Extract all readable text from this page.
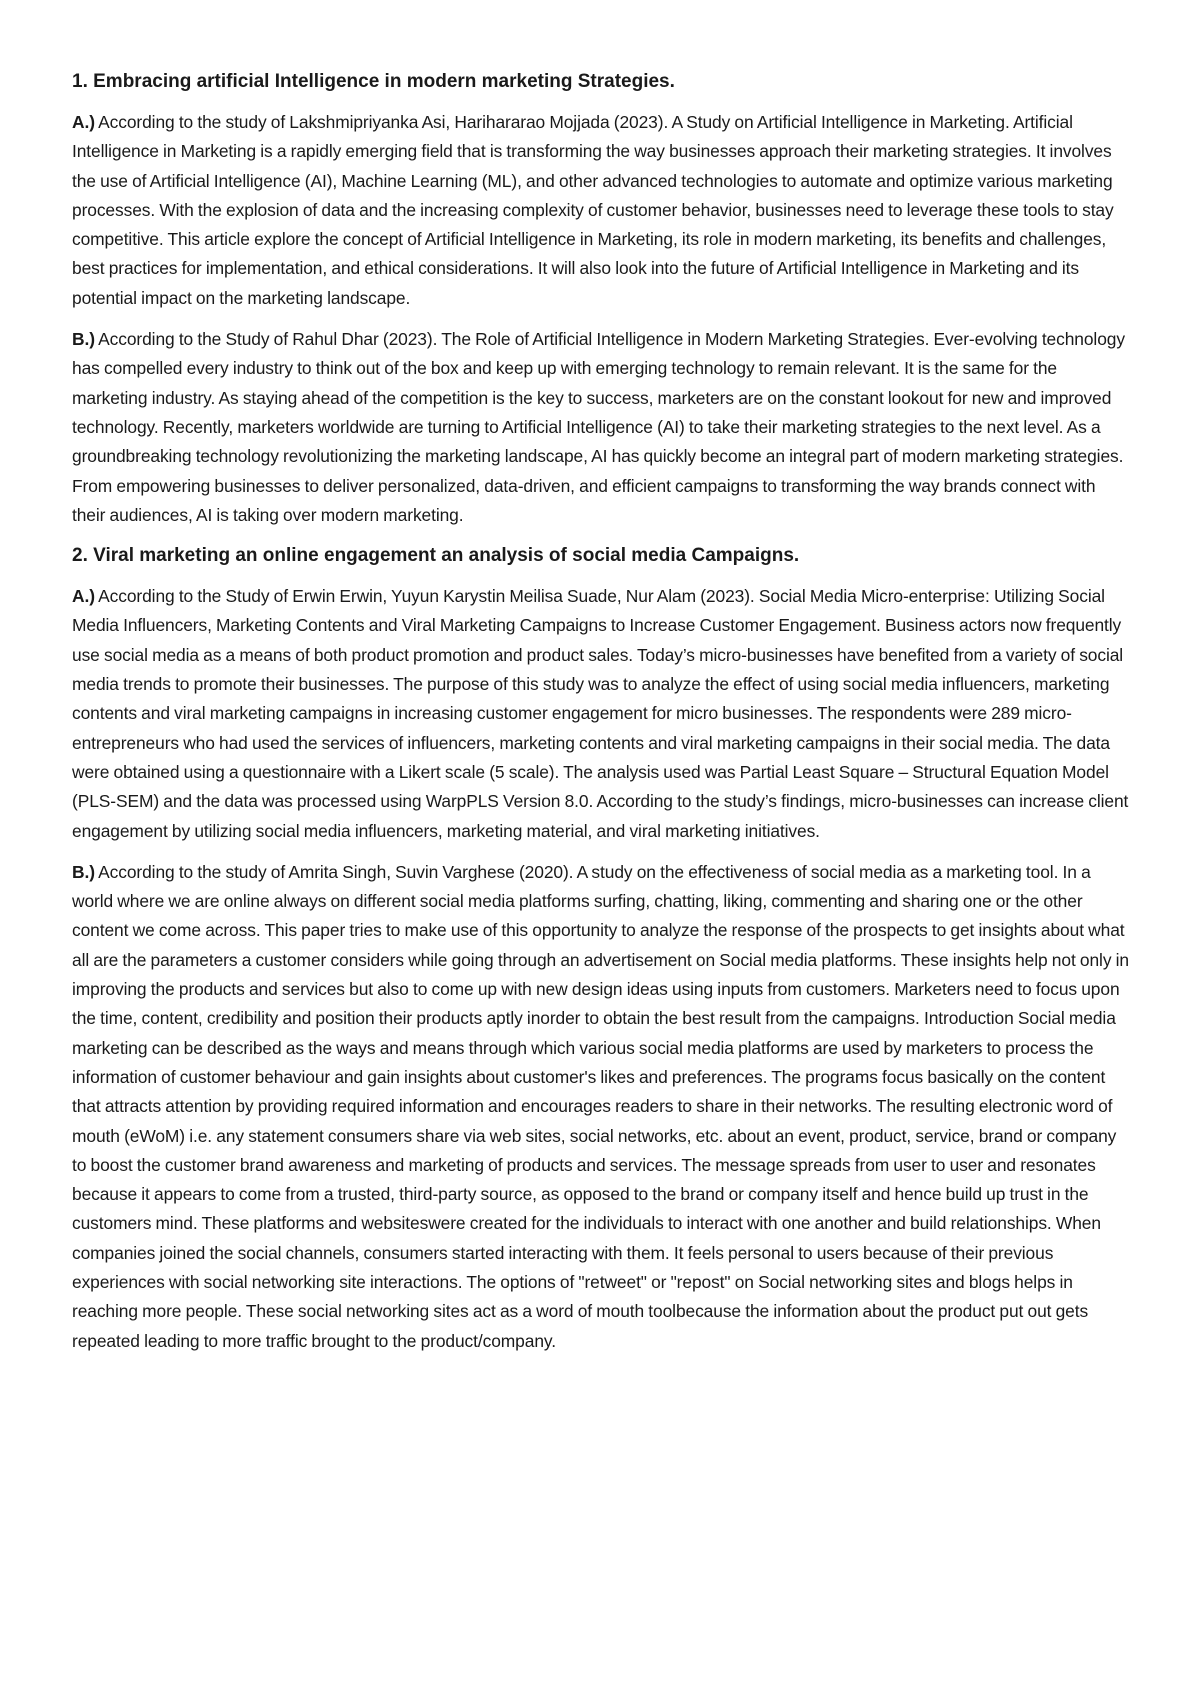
1. Embracing artificial Intelligence in modern marketing Strategies.

A.) According to the study of Lakshmipriyanka Asi, Harihararao Mojjada (2023). A Study on Artificial Intelligence in Marketing. Artificial Intelligence in Marketing is a rapidly emerging field that is transforming the way businesses approach their marketing strategies. It involves the use of Artificial Intelligence (AI), Machine Learning (ML), and other advanced technologies to automate and optimize various marketing processes. With the explosion of data and the increasing complexity of customer behavior, businesses need to leverage these tools to stay competitive. This article explore the concept of Artificial Intelligence in Marketing, its role in modern marketing, its benefits and challenges, best practices for implementation, and ethical considerations. It will also look into the future of Artificial Intelligence in Marketing and its potential impact on the marketing landscape.

B.) According to the Study of Rahul Dhar (2023). The Role of Artificial Intelligence in Modern Marketing Strategies. Ever-evolving technology has compelled every industry to think out of the box and keep up with emerging technology to remain relevant. It is the same for the marketing industry. As staying ahead of the competition is the key to success, marketers are on the constant lookout for new and improved technology. Recently, marketers worldwide are turning to Artificial Intelligence (AI) to take their marketing strategies to the next level. As a groundbreaking technology revolutionizing the marketing landscape, AI has quickly become an integral part of modern marketing strategies. From empowering businesses to deliver personalized, data-driven, and efficient campaigns to transforming the way brands connect with their audiences, AI is taking over modern marketing.

2. Viral marketing an online engagement an analysis of social media Campaigns.

A.) According to the Study of Erwin Erwin, Yuyun Karystin Meilisa Suade, Nur Alam (2023). Social Media Micro-enterprise: Utilizing Social Media Influencers, Marketing Contents and Viral Marketing Campaigns to Increase Customer Engagement. Business actors now frequently use social media as a means of both product promotion and product sales. Today’s micro-businesses have benefited from a variety of social media trends to promote their businesses. The purpose of this study was to analyze the effect of using social media influencers, marketing contents and viral marketing campaigns in increasing customer engagement for micro businesses. The respondents were 289 micro-entrepreneurs who had used the services of influencers, marketing contents and viral marketing campaigns in their social media. The data were obtained using a questionnaire with a Likert scale (5 scale). The analysis used was Partial Least Square – Structural Equation Model (PLS-SEM) and the data was processed using WarpPLS Version 8.0. According to the study’s findings, micro-businesses can increase client engagement by utilizing social media influencers, marketing material, and viral marketing initiatives.

B.) According to the study of Amrita Singh, Suvin Varghese (2020). A study on the effectiveness of social media as a marketing tool. In a world where we are online always on different social media platforms surfing, chatting, liking, commenting and sharing one or the other content we come across. This paper tries to make use of this opportunity to analyze the response of the prospects to get insights about what all are the parameters a customer considers while going through an advertisement on Social media platforms. These insights help not only in improving the products and services but also to come up with new design ideas using inputs from customers. Marketers need to focus upon the time, content, credibility and position their products aptly inorder to obtain the best result from the campaigns. Introduction Social media marketing can be described as the ways and means through which various social media platforms are used by marketers to process the information of customer behaviour and gain insights about customer's likes and preferences. The programs focus basically on the content that attracts attention by providing required information and encourages readers to share in their networks. The resulting electronic word of mouth (eWoM) i.e. any statement consumers share via web sites, social networks, etc. about an event, product, service, brand or company to boost the customer brand awareness and marketing of products and services. The message spreads from user to user and resonates because it appears to come from a trusted, third-party source, as opposed to the brand or company itself and hence build up trust in the customers mind. These platforms and websiteswere created for the individuals to interact with one another and build relationships. When companies joined the social channels, consumers started interacting with them. It feels personal to users because of their previous experiences with social networking site interactions. The options of "retweet" or "repost" on Social networking sites and blogs helps in reaching more people. These social networking sites act as a word of mouth toolbecause the information about the product put out gets repeated leading to more traffic brought to the product/company.
